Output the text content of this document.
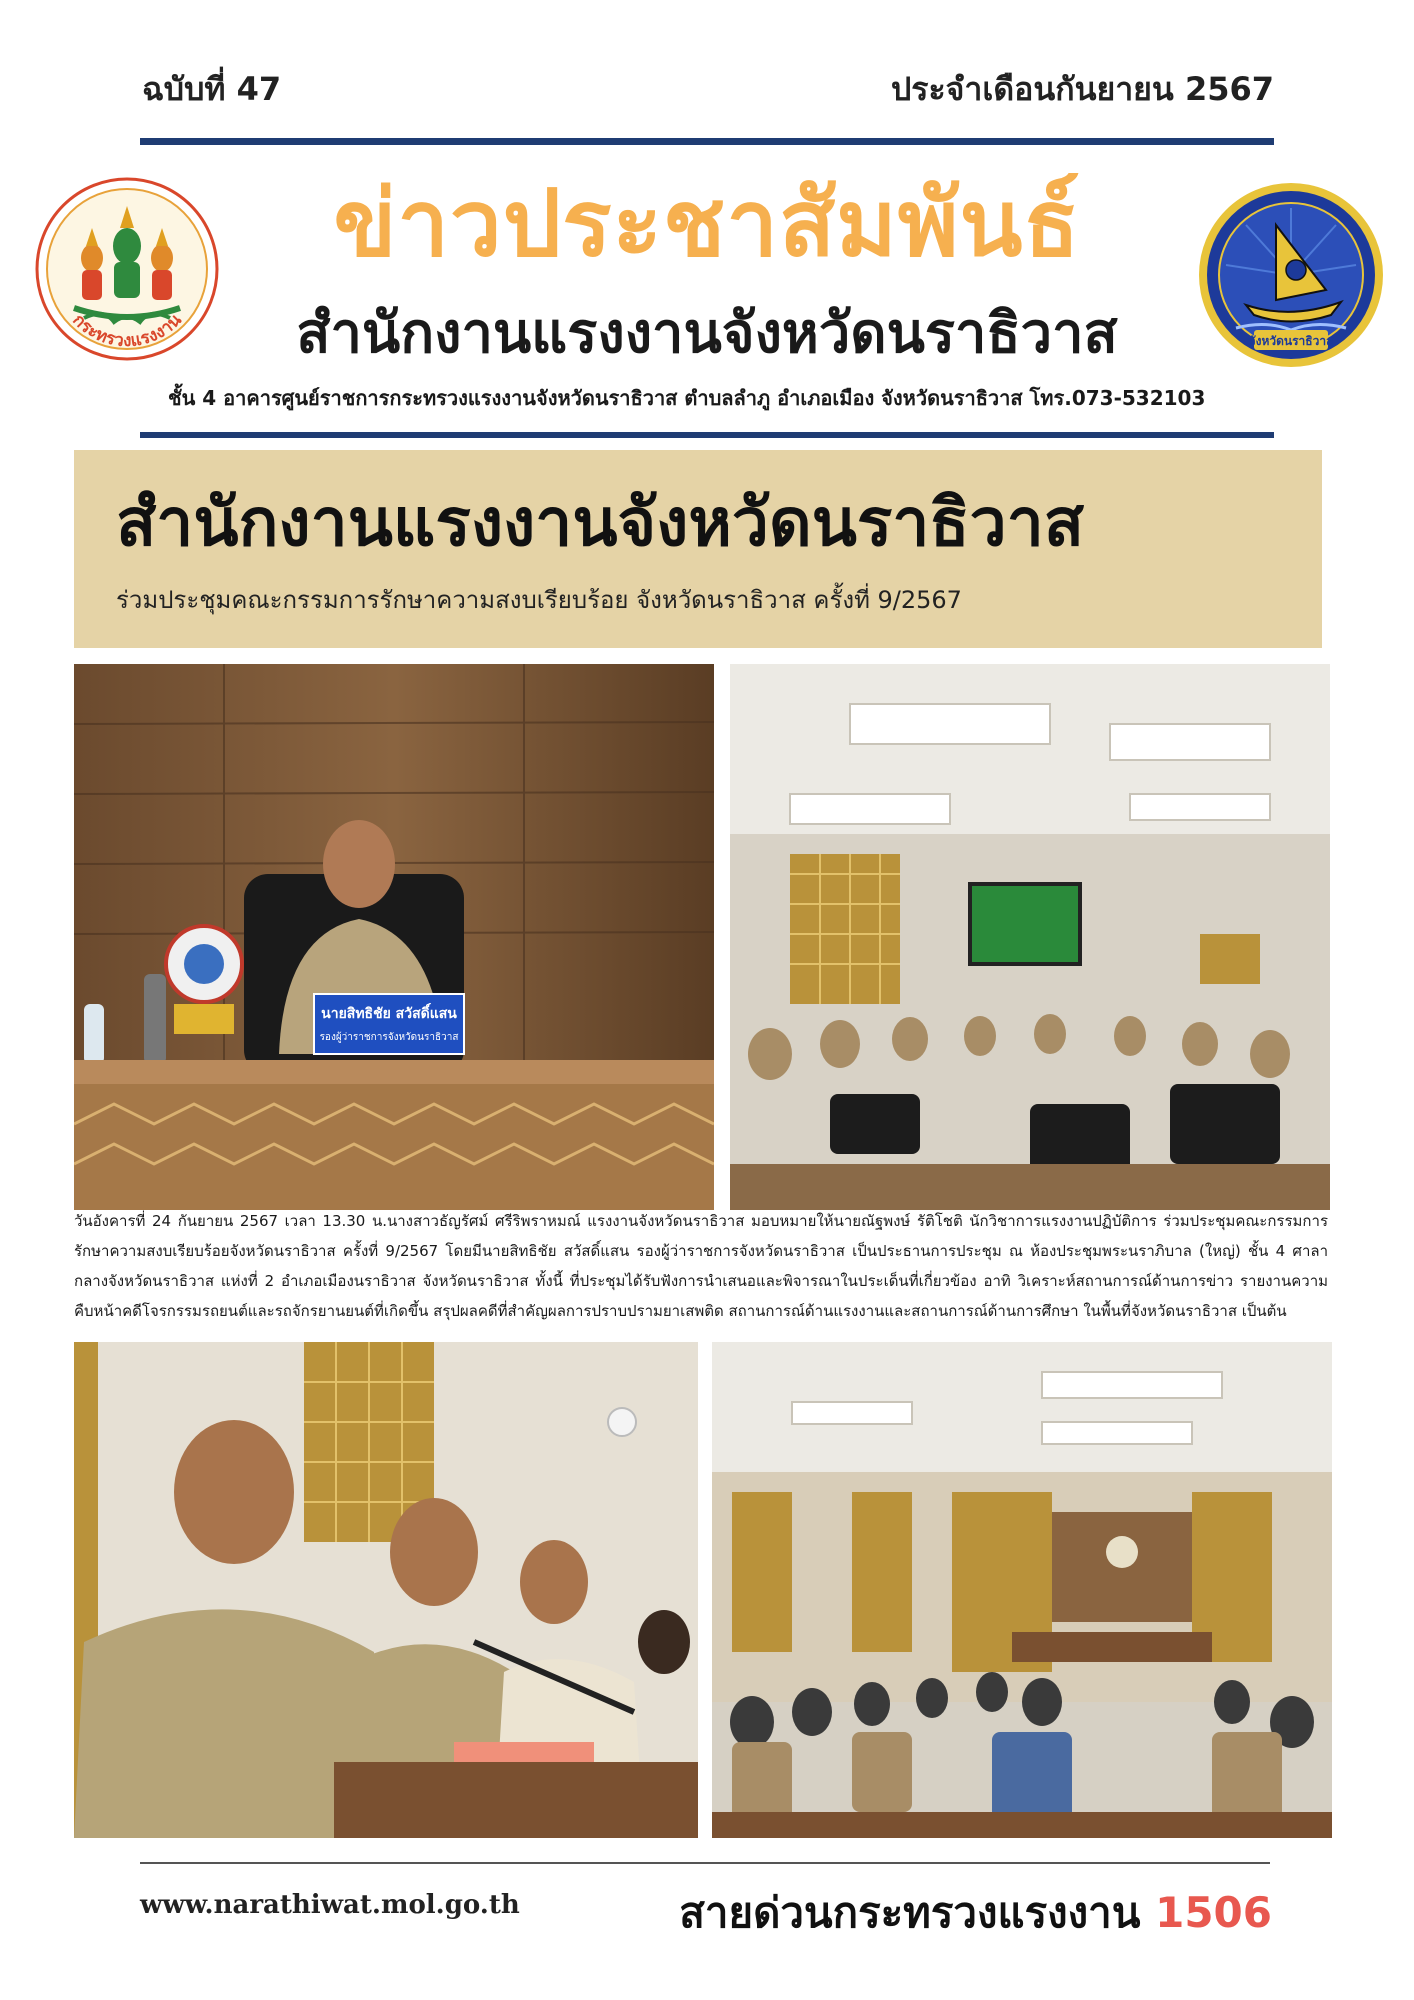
ฉบับที่ 47	ประจำเดือนกันยายน 2567
กระทรวงแรงงาน
จังหวัดนราธิวาส
ข่าวประชาสัมพันธ์
สำนักงานแรงงานจังหวัดนราธิวาส
ชั้น 4 อาคารศูนย์ราชการกระทรวงแรงงานจังหวัดนราธิวาส ตำบลลำภู อำเภอเมือง จังหวัดนราธิวาส โทร.073-532103
สำนักงานแรงงานจังหวัดนราธิวาส
ร่วมประชุมคณะกรรมการรักษาความสงบเรียบร้อย จังหวัดนราธิวาส ครั้งที่ 9/2567
นายสิทธิชัย สวัสดิ์แสน
รองผู้ว่าราชการจังหวัดนราธิวาส
วันอังคารที่ 24 กันยายน 2567 เวลา 13.30 น.นางสาวธัญรัศม์ ศรีริพราหมณ์ แรงงานจังหวัดนราธิวาส มอบหมายให้นายณัฐพงษ์ รัติโชติ นักวิชาการแรงงานปฏิบัติการ ร่วมประชุมคณะกรรมการรักษาความสงบเรียบร้อยจังหวัดนราธิวาส ครั้งที่ 9/2567 โดยมีนายสิทธิชัย สวัสดิ์แสน รองผู้ว่าราชการจังหวัดนราธิวาส เป็นประธานการประชุม ณ ห้องประชุมพระนราภิบาล (ใหญ่) ชั้น 4 ศาลากลางจังหวัดนราธิวาส แห่งที่ 2 อำเภอเมืองนราธิวาส จังหวัดนราธิวาส ทั้งนี้ ที่ประชุมได้รับฟังการนำเสนอและพิจารณาในประเด็นที่เกี่ยวข้อง อาทิ วิเคราะห์สถานการณ์ด้านการข่าว รายงานความคืบหน้าคดีโจรกรรมรถยนต์และรถจักรยานยนต์ที่เกิดขึ้น สรุปผลคดีที่สำคัญผลการปราบปรามยาเสพติด สถานการณ์ด้านแรงงานและสถานการณ์ด้านการศึกษา ในพื้นที่จังหวัดนราธิวาส เป็นต้น
www.narathiwat.mol.go.th	สายด่วนกระทรวงแรงงาน 1506
